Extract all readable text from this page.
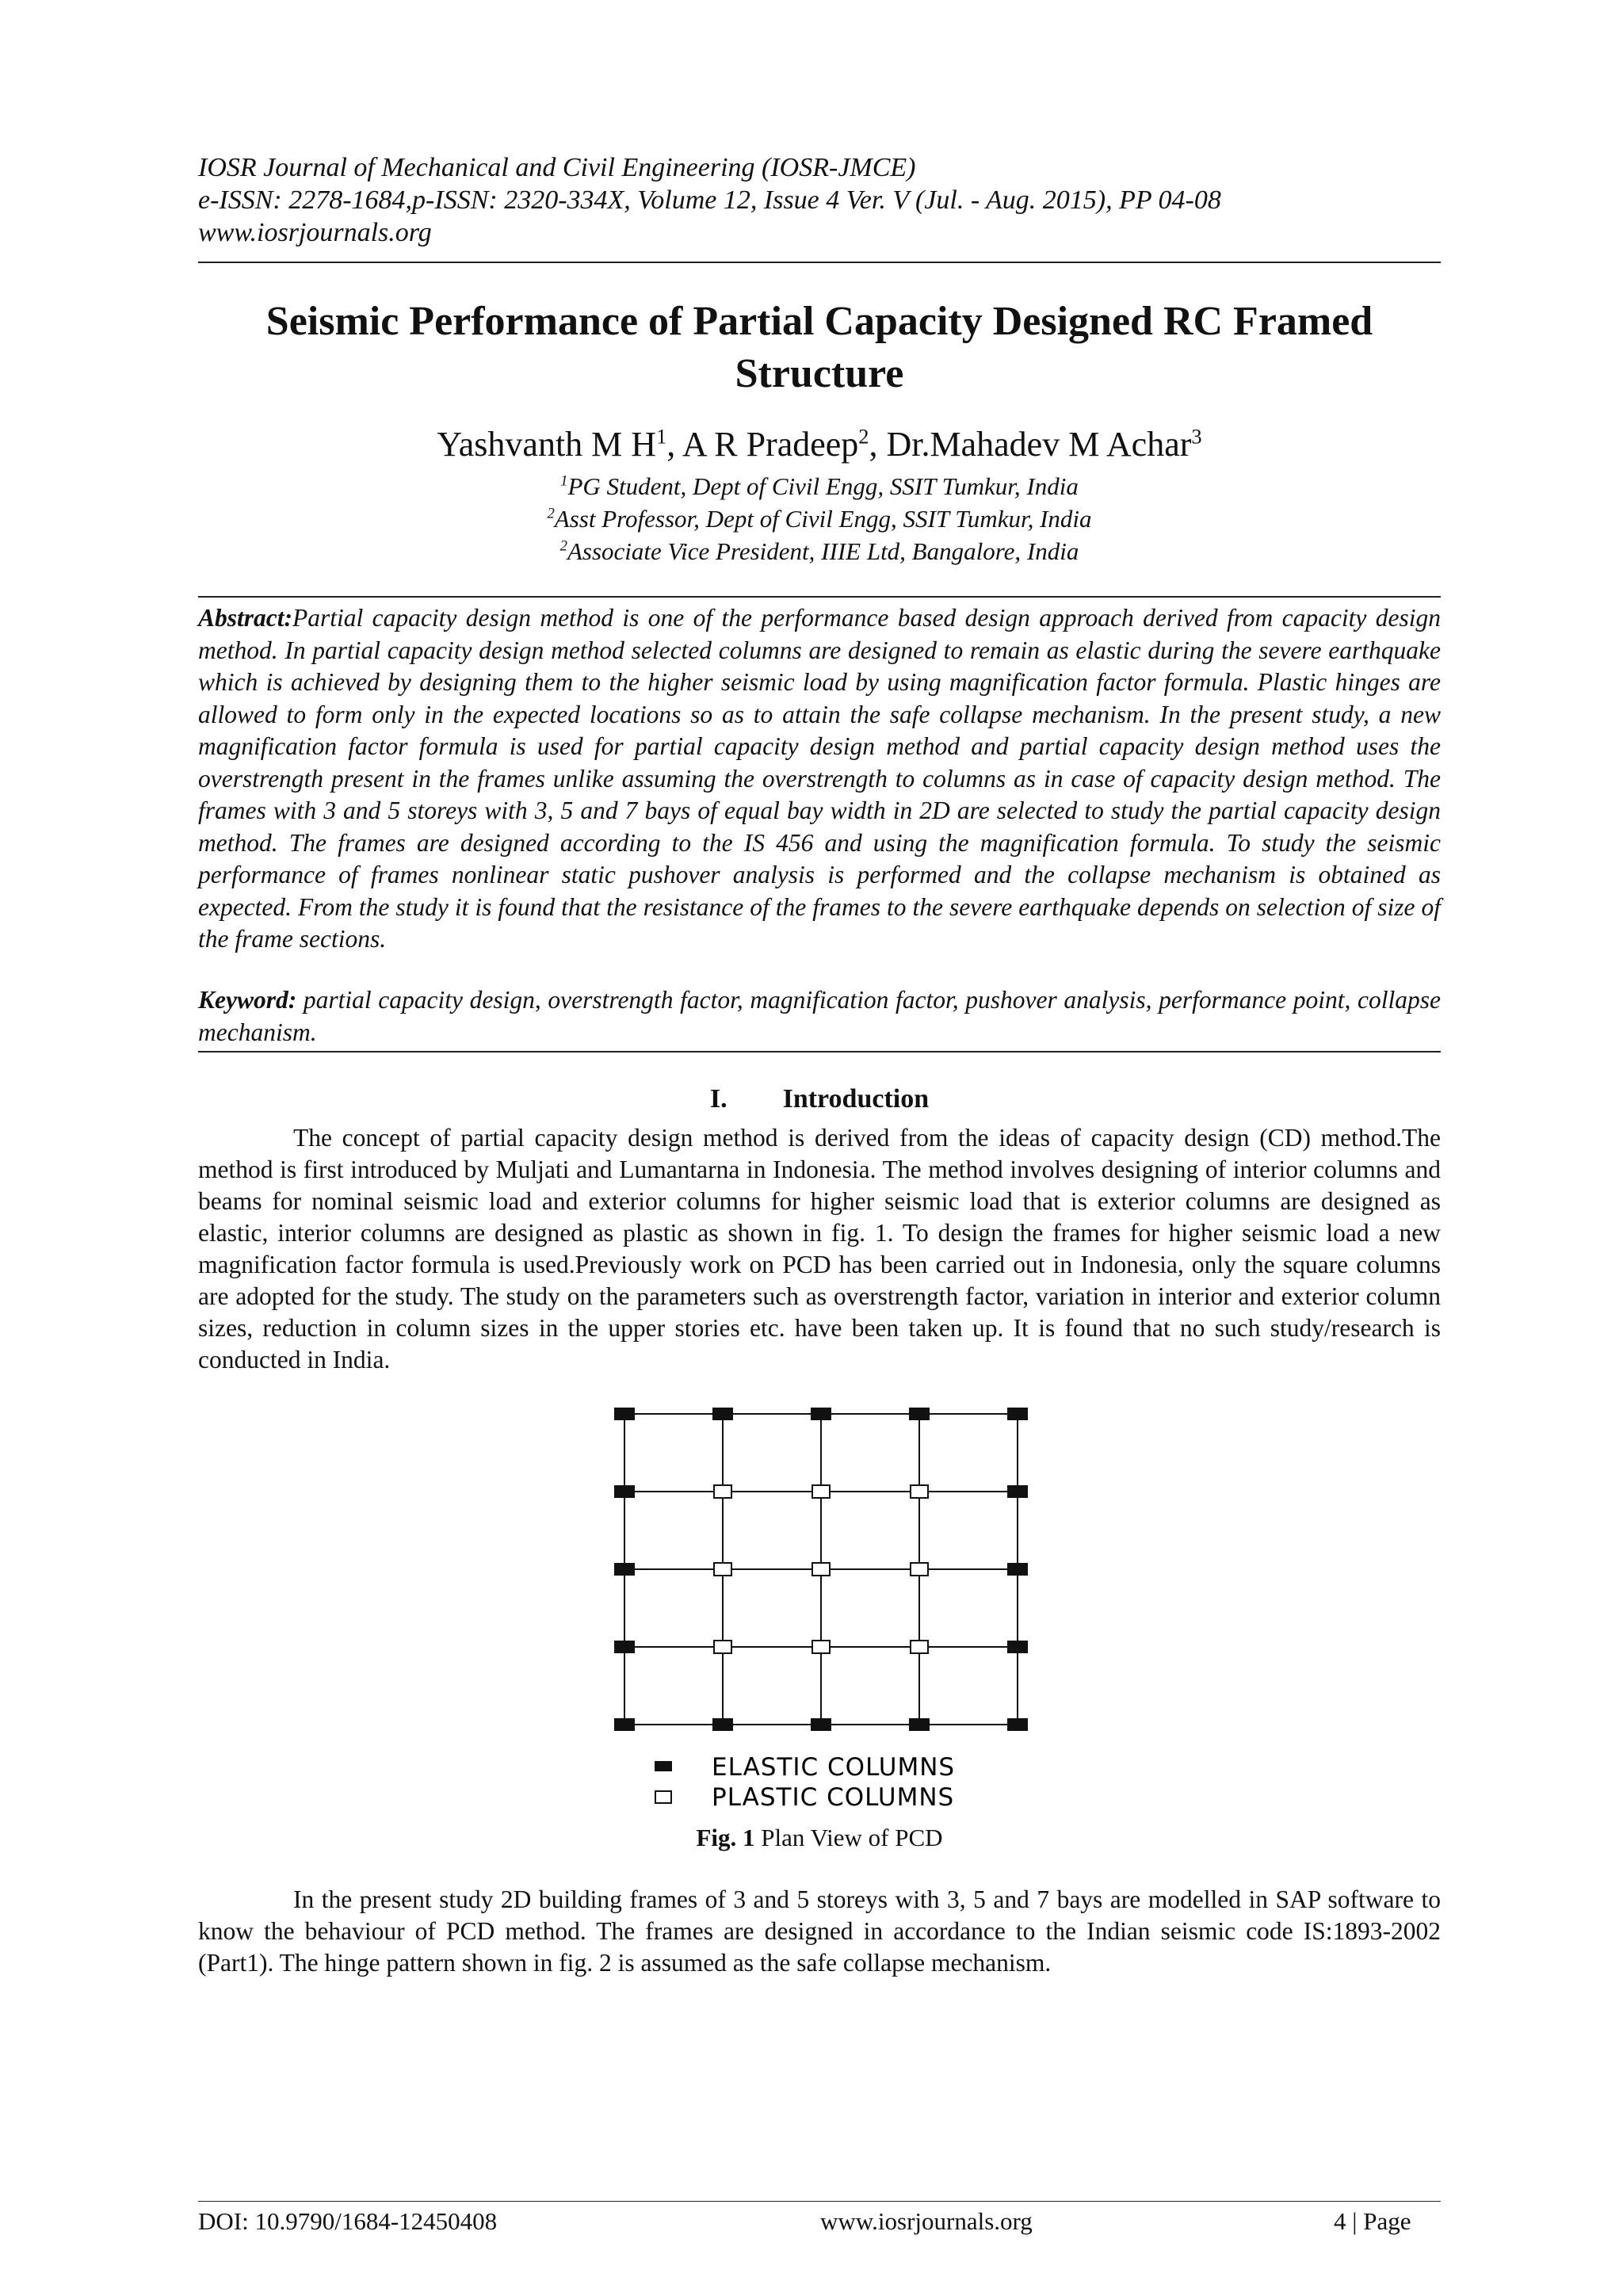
IOSR Journal of Mechanical and Civil Engineering (IOSR-JMCE)
e-ISSN: 2278-1684,p-ISSN: 2320-334X, Volume 12, Issue 4 Ver. V (Jul. - Aug. 2015), PP 04-08
www.iosrjournals.org
Seismic Performance of Partial Capacity Designed RC Framed
Structure
Yashvanth M $H^1$, A R Pradeep$^2$, Dr.Mahadev M Achar$^3$
$^1$PG Student, Dept of Civil Engg, SSIT Tumkur, India
$^2$Asst Professor, Dept of Civil Engg, SSIT Tumkur, India
$^2$Associate Vice President, IIIE Ltd, Bangalore, India
Abstract:Partial capacity design method is one of the performance based design approach derived from capacity design method. In partial capacity design method selected columns are designed to remain as elastic during the severe earthquake which is achieved by designing them to the higher seismic load by using magnification factor formula. Plastic hinges are allowed to form only in the expected locations so as to attain the safe collapse mechanism. In the present study, a new magnification factor formula is used for partial capacity design method and partial capacity design method uses the overstrength present in the frames unlike assuming the overstrength to columns as in case of capacity design method. The frames with 3 and 5 storeys with 3, 5 and 7 bays of equal bay width in 2D are selected to study the partial capacity design method. The frames are designed according to the IS 456 and using the magnification formula. To study the seismic performance of frames nonlinear static pushover analysis is performed and the collapse mechanism is obtained as expected. From the study it is found that the resistance of the frames to the severe earthquake depends on selection of size of the frame sections.
Keyword: partial capacity design, overstrength factor, magnification factor, pushover analysis, performance point, collapse mechanism.
I. Introduction
The concept of partial capacity design method is derived from the ideas of capacity design (CD) method.The method is first introduced by Muljati and Lumantarna in Indonesia. The method involves designing of interior columns and beams for nominal seismic load and exterior columns for higher seismic load that is exterior columns are designed as elastic, interior columns are designed as plastic as shown in fig. 1. To design the frames for higher seismic load a new magnification factor formula is used.Previously work on PCD has been carried out in Indonesia, only the square columns are adopted for the study. The study on the parameters such as overstrength factor, variation in interior and exterior column sizes, reduction in column sizes in the upper stories etc. have been taken up. It is found that no such study/research is conducted in India.
ELASTIC COLUMNS
PLASTIC COLUMNS
Fig. 1 Plan View of PCD
In the present study 2D building frames of 3 and 5 storeys with 3, 5 and 7 bays are modelled in SAP software to know the behaviour of PCD method. The frames are designed in accordance to the Indian seismic code IS:1893-2002 (Part1). The hinge pattern shown in fig. 2 is assumed as the safe collapse mechanism.
DOI: 10.9790/1684-12450408	www.iosrjournals.org	4 | Page
